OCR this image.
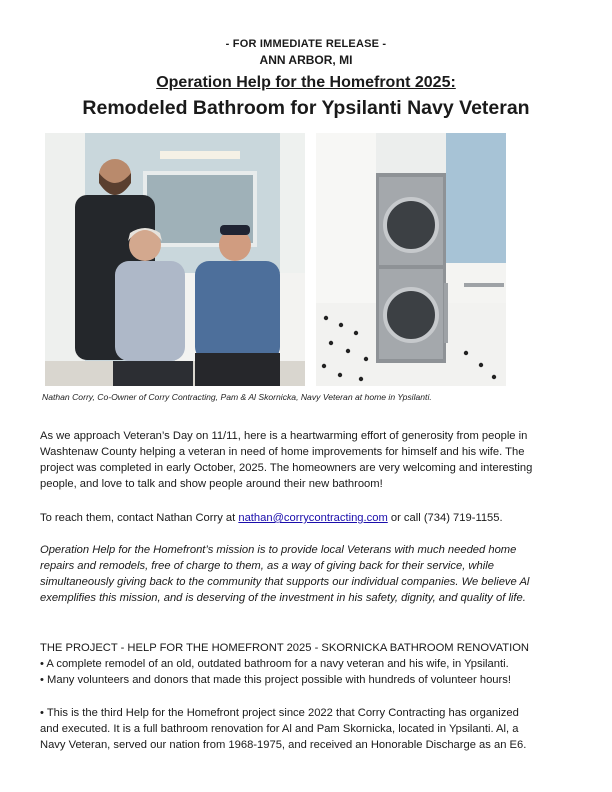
- FOR IMMEDIATE RELEASE -
ANN ARBOR, MI
Operation Help for the Homefront 2025:
Remodeled Bathroom for Ypsilanti Navy Veteran
Nathan Corry, Co-Owner of Corry Contracting, Pam & Al Skornicka, Navy Veteran at home in Ypsilanti.
As we approach Veteran’s Day on 11/11, here is a heartwarming effort of generosity from people in
Washtenaw County helping a veteran in need of home improvements for himself and his wife. The
project was completed in early October, 2025. The homeowners are very welcoming and interesting
people, and love to talk and show people around their new bathroom!
To reach them, contact Nathan Corry at nathan@corrycontracting.com or call (734) 719-1155.
Operation Help for the Homefront’s mission is to provide local Veterans with much needed home
repairs and remodels, free of charge to them, as a way of giving back for their service, while
simultaneously giving back to the community that supports our individual companies. We believe Al
exemplifies this mission, and is deserving of the investment in his safety, dignity, and quality of life.
THE PROJECT - HELP FOR THE HOMEFRONT 2025 - SKORNICKA BATHROOM RENOVATION
• A complete remodel of an old, outdated bathroom for a navy veteran and his wife, in Ypsilanti.
• Many volunteers and donors that made this project possible with hundreds of volunteer hours!
• This is the third Help for the Homefront project since 2022 that Corry Contracting has organized
and executed. It is a full bathroom renovation for Al and Pam Skornicka, located in Ypsilanti. Al, a
Navy Veteran, served our nation from 1968-1975, and received an Honorable Discharge as an E6.
